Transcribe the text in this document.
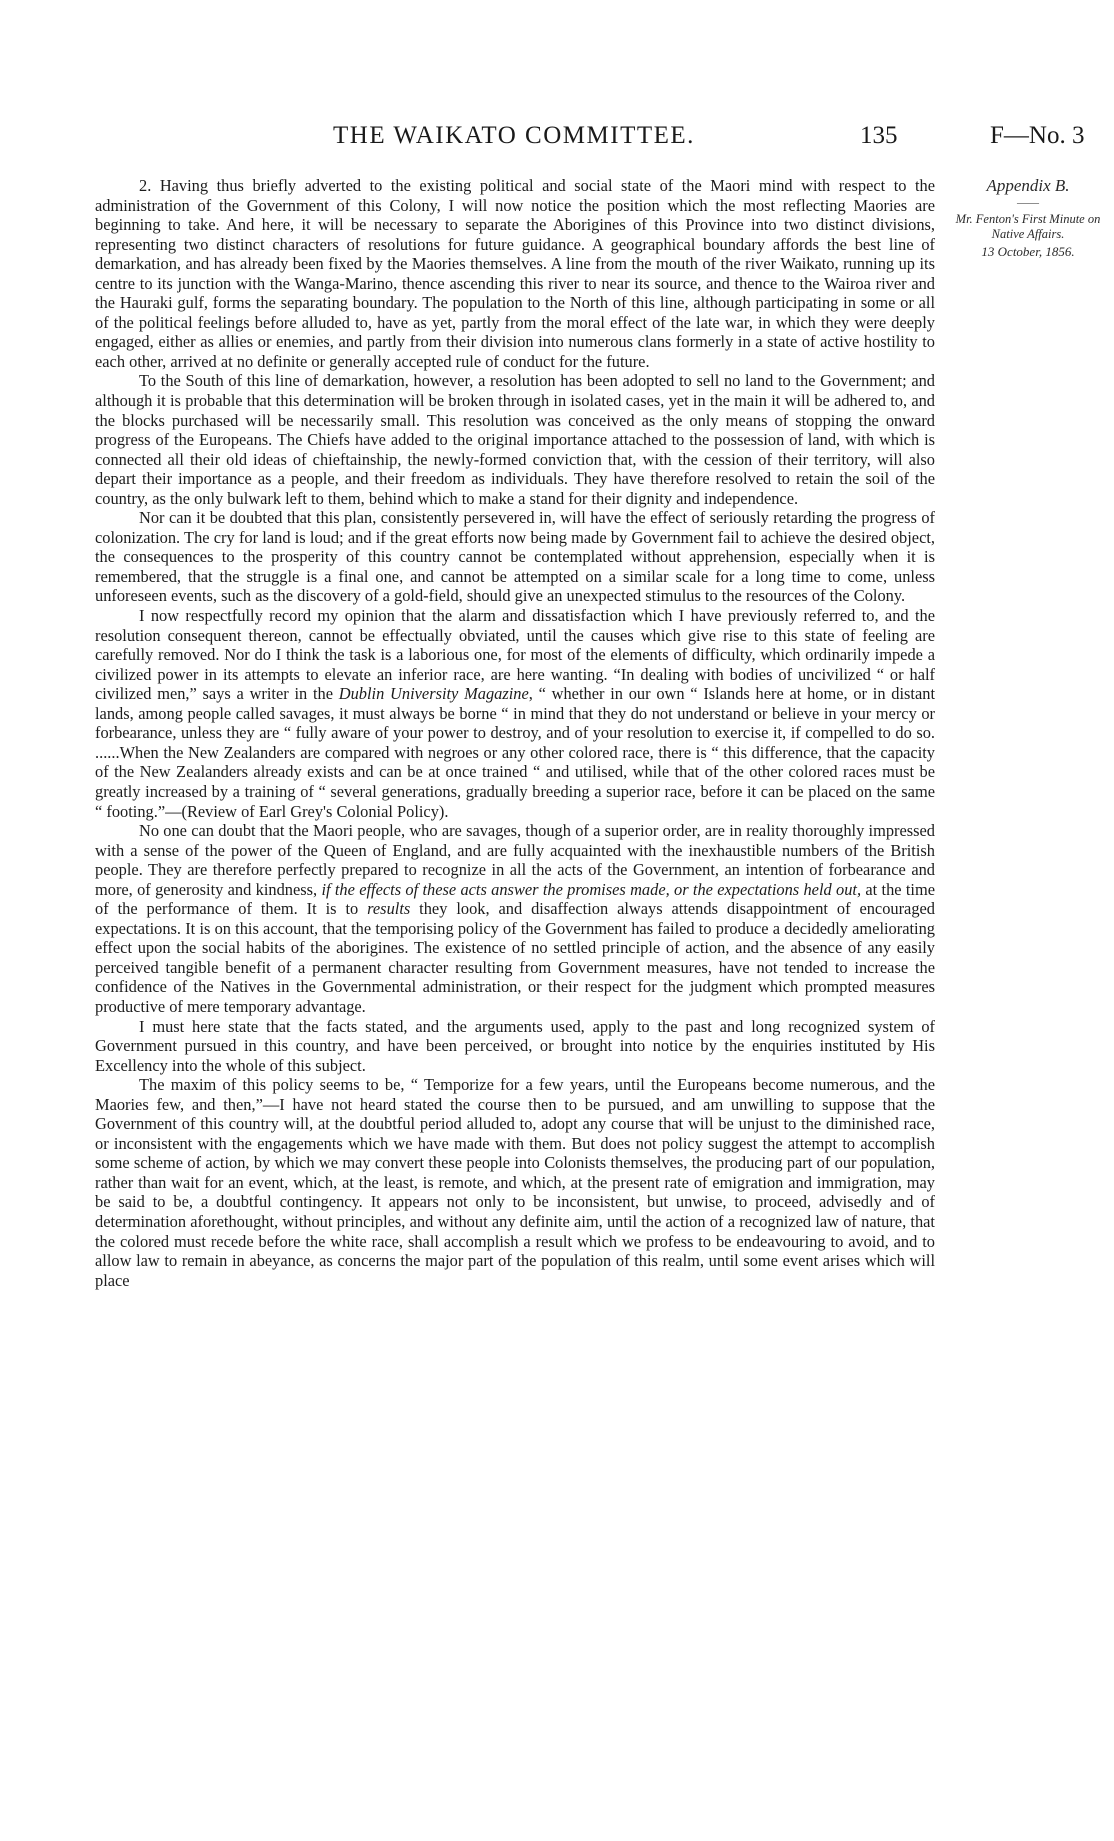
THE WAIKATO COMMITTEE.	135	F—No. 3
Appendix B.
——
Mr. Fenton's First Minute on Native Affairs.
13 October, 1856.

2. Having thus briefly adverted to the existing political and social state of the Maori mind with respect to the administration of the Government of this Colony, I will now notice the position which the most reflecting Maories are beginning to take. And here, it will be necessary to separate the Aborigines of this Province into two distinct divisions, representing two distinct characters of resolutions for future guidance. A geographical boundary affords the best line of demarkation, and has already been fixed by the Maories themselves. A line from the mouth of the river Waikato, running up its centre to its junction with the Wanga-Marino, thence ascending this river to near its source, and thence to the Wairoa river and the Hauraki gulf, forms the separating boundary. The population to the North of this line, although participating in some or all of the political feelings before alluded to, have as yet, partly from the moral effect of the late war, in which they were deeply engaged, either as allies or enemies, and partly from their division into numerous clans formerly in a state of active hostility to each other, arrived at no definite or generally accepted rule of conduct for the future.

To the South of this line of demarkation, however, a resolution has been adopted to sell no land to the Government; and although it is probable that this determination will be broken through in isolated cases, yet in the main it will be adhered to, and the blocks purchased will be necessarily small. This resolution was conceived as the only means of stopping the onward progress of the Europeans. The Chiefs have added to the original importance attached to the possession of land, with which is connected all their old ideas of chieftainship, the newly-formed conviction that, with the cession of their territory, will also depart their importance as a people, and their freedom as individuals. They have therefore resolved to retain the soil of the country, as the only bulwark left to them, behind which to make a stand for their dignity and independence.

Nor can it be doubted that this plan, consistently persevered in, will have the effect of seriously retarding the progress of colonization. The cry for land is loud; and if the great efforts now being made by Government fail to achieve the desired object, the consequences to the prosperity of this country cannot be contemplated without apprehension, especially when it is remembered, that the struggle is a final one, and cannot be attempted on a similar scale for a long time to come, unless unforeseen events, such as the discovery of a gold-field, should give an unexpected stimulus to the resources of the Colony.

I now respectfully record my opinion that the alarm and dissatisfaction which I have previously referred to, and the resolution consequent thereon, cannot be effectually obviated, until the causes which give rise to this state of feeling are carefully removed. Nor do I think the task is a laborious one, for most of the elements of difficulty, which ordinarily impede a civilized power in its attempts to elevate an inferior race, are here wanting. “In dealing with bodies of uncivilized “ or half civilized men,” says a writer in the Dublin University Magazine, “ whether in our own “ Islands here at home, or in distant lands, among people called savages, it must always be borne “ in mind that they do not understand or believe in your mercy or forbearance, unless they are “ fully aware of your power to destroy, and of your resolution to exercise it, if compelled to do so. ......When the New Zealanders are compared with negroes or any other colored race, there is “ this difference, that the capacity of the New Zealanders already exists and can be at once trained “ and utilised, while that of the other colored races must be greatly increased by a training of “ several generations, gradually breeding a superior race, before it can be placed on the same “ footing.”—(Review of Earl Grey's Colonial Policy).

No one can doubt that the Maori people, who are savages, though of a superior order, are in reality thoroughly impressed with a sense of the power of the Queen of England, and are fully acquainted with the inexhaustible numbers of the British people. They are therefore perfectly prepared to recognize in all the acts of the Government, an intention of forbearance and more, of generosity and kindness, if the effects of these acts answer the promises made, or the expectations held out, at the time of the performance of them. It is to results they look, and disaffection always attends disappointment of encouraged expectations. It is on this account, that the temporising policy of the Government has failed to produce a decidedly ameliorating effect upon the social habits of the aborigines. The existence of no settled principle of action, and the absence of any easily perceived tangible benefit of a permanent character resulting from Government measures, have not tended to increase the confidence of the Natives in the Governmental administration, or their respect for the judgment which prompted measures productive of mere temporary advantage.

I must here state that the facts stated, and the arguments used, apply to the past and long recognized system of Government pursued in this country, and have been perceived, or brought into notice by the enquiries instituted by His Excellency into the whole of this subject.

The maxim of this policy seems to be, “ Temporize for a few years, until the Europeans become numerous, and the Maories few, and then,”—I have not heard stated the course then to be pursued, and am unwilling to suppose that the Government of this country will, at the doubtful period alluded to, adopt any course that will be unjust to the diminished race, or inconsistent with the engagements which we have made with them. But does not policy suggest the attempt to accomplish some scheme of action, by which we may convert these people into Colonists themselves, the producing part of our population, rather than wait for an event, which, at the least, is remote, and which, at the present rate of emigration and immigration, may be said to be, a doubtful contingency. It appears not only to be inconsistent, but unwise, to proceed, advisedly and of determination aforethought, without principles, and without any definite aim, until the action of a recognized law of nature, that the colored must recede before the white race, shall accomplish a result which we profess to be endeavouring to avoid, and to allow law to remain in abeyance, as concerns the major part of the population of this realm, until some event arises which will place
